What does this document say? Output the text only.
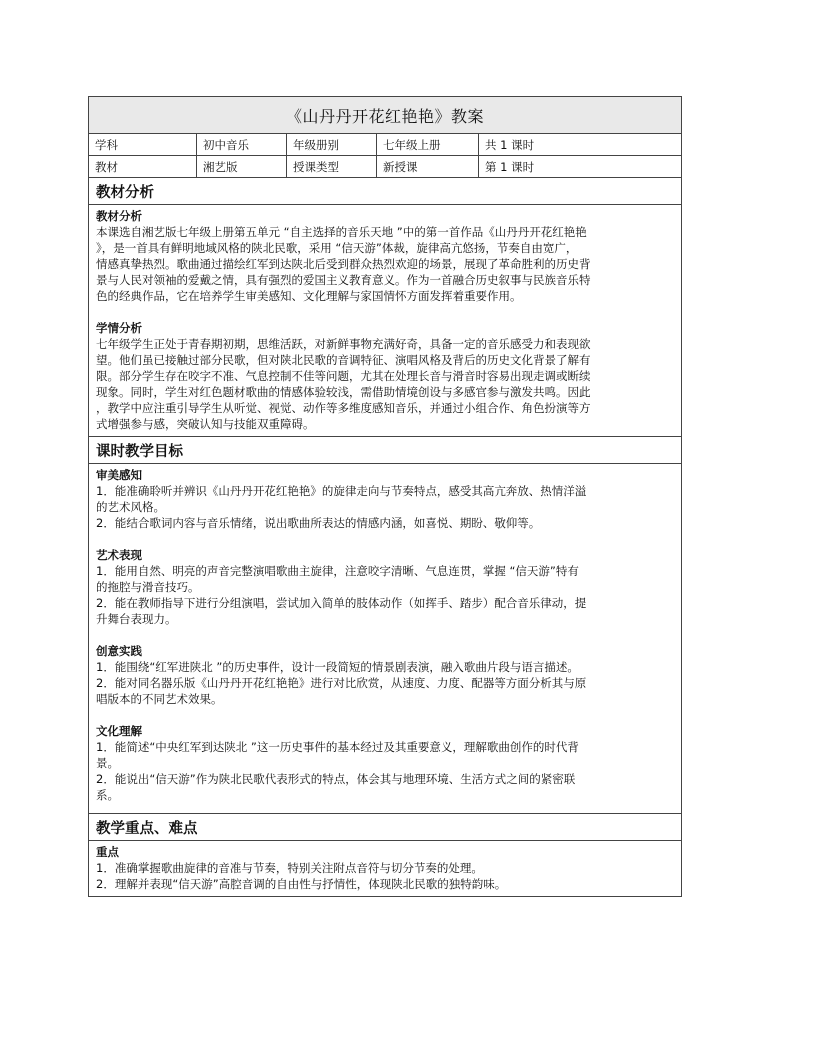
《山丹丹开花红艳艳》教案
学科	初中音乐	年级册别	七年级上册	共 1 课时
教材	湘艺版	授课类型	新授课	第 1 课时
教材分析
教材分析

本课选自湘艺版七年级上册第五单元 “自主选择的音乐天地 ”中的第一首作品《山丹丹开花红艳艳

》，是一首具有鲜明地域风格的陕北民歌，采用 “信天游”体裁，旋律高亢悠扬，节奏自由宽广，

情感真挚热烈。歌曲通过描绘红军到达陕北后受到群众热烈欢迎的场景，展现了革命胜利的历史背

景与人民对领袖的爱戴之情，具有强烈的爱国主义教育意义。作为一首融合历史叙事与民族音乐特

色的经典作品，它在培养学生审美感知、文化理解与家国情怀方面发挥着重要作用。

学情分析

七年级学生正处于青春期初期，思维活跃，对新鲜事物充满好奇，具备一定的音乐感受力和表现欲

望。他们虽已接触过部分民歌，但对陕北民歌的音调特征、演唱风格及背后的历史文化背景了解有

限。部分学生存在咬字不准、气息控制不佳等问题，尤其在处理长音与滑音时容易出现走调或断续

现象。同时，学生对红色题材歌曲的情感体验较浅，需借助情境创设与多感官参与激发共鸣。因此

，教学中应注重引导学生从听觉、视觉、动作等多维度感知音乐，并通过小组合作、角色扮演等方

式增强参与感，突破认知与技能双重障碍。

课时教学目标
审美感知

1．能准确聆听并辨识《山丹丹开花红艳艳》的旋律走向与节奏特点，感受其高亢奔放、热情洋溢

的艺术风格。

2．能结合歌词内容与音乐情绪，说出歌曲所表达的情感内涵，如喜悦、期盼、敬仰等。

艺术表现

1．能用自然、明亮的声音完整演唱歌曲主旋律，注意咬字清晰、气息连贯，掌握 “信天游”特有

的拖腔与滑音技巧。

2．能在教师指导下进行分组演唱，尝试加入简单的肢体动作（如挥手、踏步）配合音乐律动，提

升舞台表现力。

创意实践

1．能围绕“红军进陕北 ”的历史事件，设计一段简短的情景剧表演，融入歌曲片段与语言描述。

2．能对同名器乐版《山丹丹开花红艳艳》进行对比欣赏，从速度、力度、配器等方面分析其与原

唱版本的不同艺术效果。

文化理解

1．能简述“中央红军到达陕北 ”这一历史事件的基本经过及其重要意义，理解歌曲创作的时代背

景。

2．能说出“信天游”作为陕北民歌代表形式的特点，体会其与地理环境、生活方式之间的紧密联

系。

教学重点、难点
重点

1．准确掌握歌曲旋律的音准与节奏，特别关注附点音符与切分节奏的处理。

2．理解并表现“信天游”高腔音调的自由性与抒情性，体现陕北民歌的独特韵味。
